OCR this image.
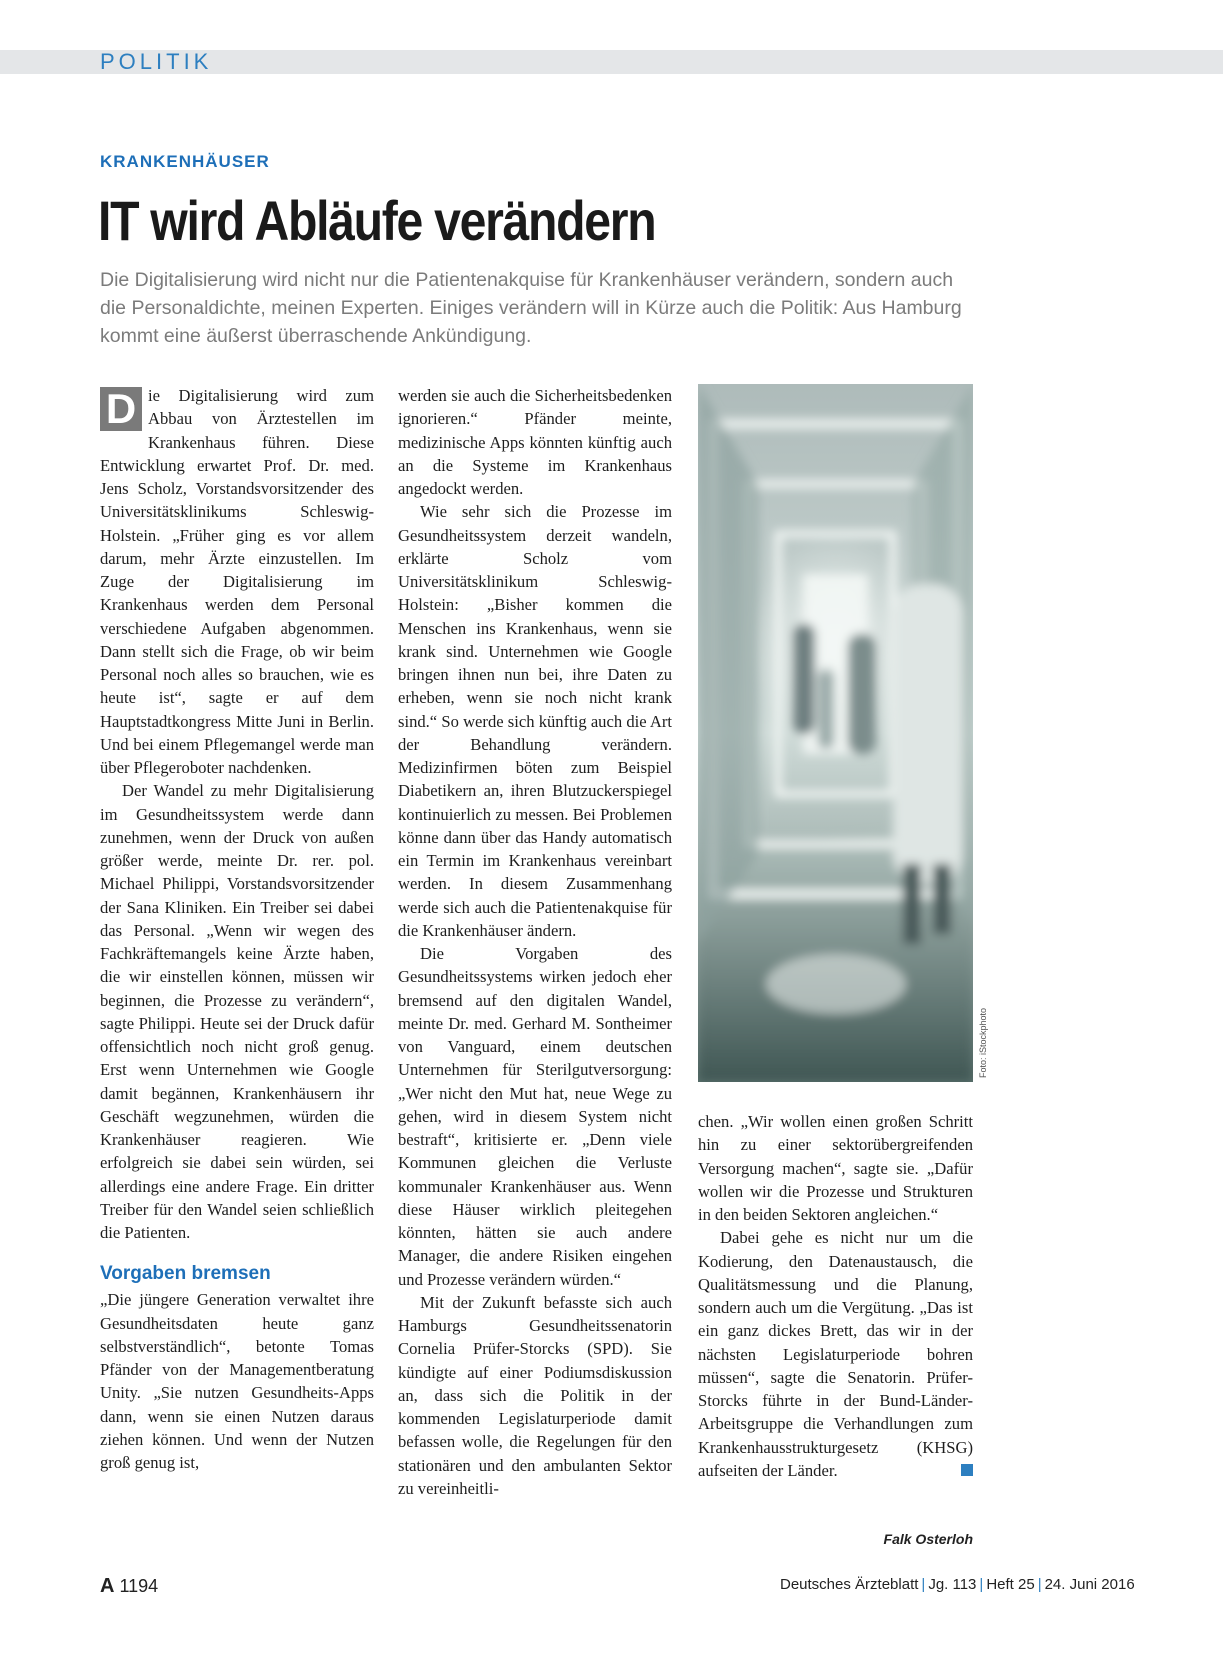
POLITIK
KRANKENHÄUSER
IT wird Abläufe verändern

Die Digitalisierung wird nicht nur die Patientenakquise für Krankenhäuser verändern, sondern auch die Personaldichte, meinen Experten. Einiges verändern will in Kürze auch die Politik: Aus Hamburg kommt eine äußerst überraschende Ankündigung.

D ie Digitalisierung wird zum Abbau von Ärztestellen im Krankenhaus führen. Diese Entwicklung erwartet Prof. Dr. med. Jens Scholz, Vorstandsvorsitzender des Universitätsklinikums Schleswig-Holstein. „Früher ging es vor allem darum, mehr Ärzte einzustellen. Im Zuge der Digitalisierung im Krankenhaus werden dem Personal verschiedene Aufgaben abgenommen. Dann stellt sich die Frage, ob wir beim Personal noch alles so brauchen, wie es heute ist“, sagte er auf dem Hauptstadtkongress Mitte Juni in Berlin. Und bei einem Pflegemangel werde man über Pflegeroboter nachdenken.

Der Wandel zu mehr Digitalisierung im Gesundheitssystem werde dann zunehmen, wenn der Druck von außen größer werde, meinte Dr. rer. pol. Michael Philippi, Vorstandsvorsitzender der Sana Kliniken. Ein Treiber sei dabei das Personal. „Wenn wir wegen des Fachkräftemangels keine Ärzte haben, die wir einstellen können, müssen wir beginnen, die Prozesse zu verändern“, sagte Philippi. Heute sei der Druck dafür offensichtlich noch nicht groß genug. Erst wenn Unternehmen wie Google damit begännen, Krankenhäusern ihr Geschäft wegzunehmen, würden die Krankenhäuser reagieren. Wie erfolgreich sie dabei sein würden, sei allerdings eine andere Frage. Ein dritter Treiber für den Wandel seien schließlich die Patienten.

Vorgaben bremsen

„Die jüngere Generation verwaltet ihre Gesundheitsdaten heute ganz selbstverständlich“, betonte Tomas Pfänder von der Managementberatung Unity. „Sie nutzen Gesundheits-Apps dann, wenn sie einen Nutzen daraus ziehen können. Und wenn der Nutzen groß genug ist,

werden sie auch die Sicherheitsbedenken ignorieren.“ Pfänder meinte, medizinische Apps könnten künftig auch an die Systeme im Krankenhaus angedockt werden.

Wie sehr sich die Prozesse im Gesundheitssystem derzeit wandeln, erklärte Scholz vom Universitätsklinikum Schleswig-Holstein: „Bisher kommen die Menschen ins Krankenhaus, wenn sie krank sind. Unternehmen wie Google bringen ihnen nun bei, ihre Daten zu erheben, wenn sie noch nicht krank sind.“ So werde sich künftig auch die Art der Behandlung verändern. Medizinfirmen böten zum Beispiel Diabetikern an, ihren Blutzuckerspiegel kontinuierlich zu messen. Bei Problemen könne dann über das Handy automatisch ein Termin im Krankenhaus vereinbart werden. In diesem Zusammenhang werde sich auch die Patientenakquise für die Krankenhäuser ändern.

Die Vorgaben des Gesundheitssystems wirken jedoch eher bremsend auf den digitalen Wandel, meinte Dr. med. Gerhard M. Sontheimer von Vanguard, einem deutschen Unternehmen für Sterilgutversorgung: „Wer nicht den Mut hat, neue Wege zu gehen, wird in diesem System nicht bestraft“, kritisierte er. „Denn viele Kommunen gleichen die Verluste kommunaler Krankenhäuser aus. Wenn diese Häuser wirklich pleitegehen könnten, hätten sie auch andere Manager, die andere Risiken eingehen und Prozesse verändern würden.“

Mit der Zukunft befasste sich auch Hamburgs Gesundheitssenatorin Cornelia Prüfer-Storcks (SPD). Sie kündigte auf einer Podiumsdiskussion an, dass sich die Politik in der kommenden Legislaturperiode damit befassen wolle, die Regelungen für den stationären und den ambulanten Sektor zu vereinheitli-

Foto: iStockphoto

chen. „Wir wollen einen großen Schritt hin zu einer sektorübergreifenden Versorgung machen“, sagte sie. „Dafür wollen wir die Prozesse und Strukturen in den beiden Sektoren angleichen.“

Dabei gehe es nicht nur um die Kodierung, den Datenaustausch, die Qualitätsmessung und die Planung, sondern auch um die Vergütung. „Das ist ein ganz dickes Brett, das wir in der nächsten Legislaturperiode bohren müssen“, sagte die Senatorin. Prüfer-Storcks führte in der Bund-Länder-Arbeitsgruppe die Verhandlungen zum Krankenhausstrukturgesetz (KHSG) aufseiten der Länder.

Falk Osterloh
A 1194	Deutsches Ärzteblatt | Jg. 113 | Heft 25 | 24. Juni 2016
